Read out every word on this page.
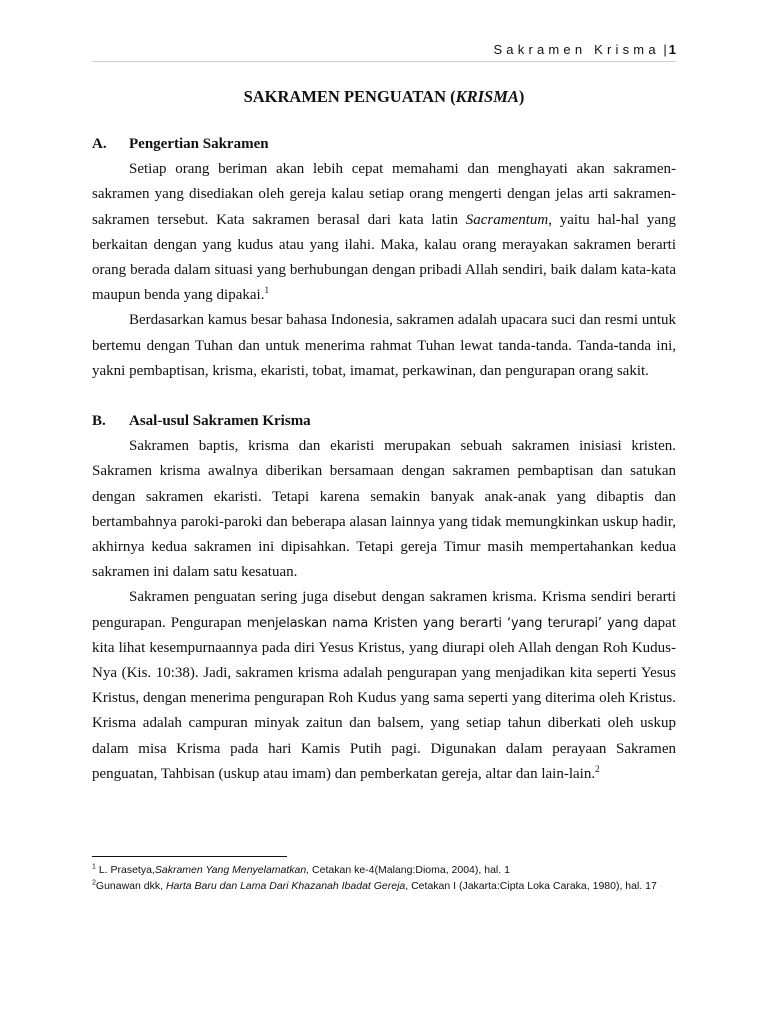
Sakramen Krisma | 1
SAKRAMEN PENGUATAN (KRISMA)
A.	Pengertian Sakramen

Setiap orang beriman akan lebih cepat memahami dan menghayati akan sakramen-sakramen yang disediakan oleh gereja kalau setiap orang mengerti dengan jelas arti sakramen-sakramen tersebut. Kata sakramen berasal dari kata latin Sacramentum, yaitu hal-hal yang berkaitan dengan yang kudus atau yang ilahi. Maka, kalau orang merayakan sakramen berarti orang berada dalam situasi yang berhubungan dengan pribadi Allah sendiri, baik dalam kata-kata maupun benda yang dipakai.$^1$

Berdasarkan kamus besar bahasa Indonesia, sakramen adalah upacara suci dan resmi untuk bertemu dengan Tuhan dan untuk menerima rahmat Tuhan lewat tanda-tanda. Tanda-tanda ini, yakni pembaptisan, krisma, ekaristi, tobat, imamat, perkawinan, dan pengurapan orang sakit.

B.	Asal-usul Sakramen Krisma

Sakramen baptis, krisma dan ekaristi merupakan sebuah sakramen inisiasi kristen. Sakramen krisma awalnya diberikan bersamaan dengan sakramen pembaptisan dan satukan dengan sakramen ekaristi. Tetapi karena semakin banyak anak-anak yang dibaptis dan bertambahnya paroki-paroki dan beberapa alasan lainnya yang tidak memungkinkan uskup hadir, akhirnya kedua sakramen ini dipisahkan. Tetapi gereja Timur masih mempertahankan kedua sakramen ini dalam satu kesatuan.

Sakramen penguatan sering juga disebut dengan sakramen krisma. Krisma sendiri berarti pengurapan. Pengurapan menjelaskan nama Kristen yang berarti ‘yang terurapi’ yang dapat kita lihat kesempurnaannya pada diri Yesus Kristus, yang diurapi oleh Allah dengan Roh Kudus-Nya (Kis. 10:38). Jadi, sakramen krisma adalah pengurapan yang menjadikan kita seperti Yesus Kristus, dengan menerima pengurapan Roh Kudus yang sama seperti yang diterima oleh Kristus. Krisma adalah campuran minyak zaitun dan balsem, yang setiap tahun diberkati oleh uskup dalam misa Krisma pada hari Kamis Putih pagi. Digunakan dalam perayaan Sakramen penguatan, Tahbisan (uskup atau imam) dan pemberkatan gereja, altar dan lain-lain.$^2$

$^1$ L. Prasetya,Sakramen Yang Menyelamatkan, Cetakan ke-4(Malang:Dioma, 2004), hal. 1
$^2$Gunawan dkk, Harta Baru dan Lama Dari Khazanah Ibadat Gereja, Cetakan I (Jakarta:Cipta Loka Caraka, 1980), hal. 17
